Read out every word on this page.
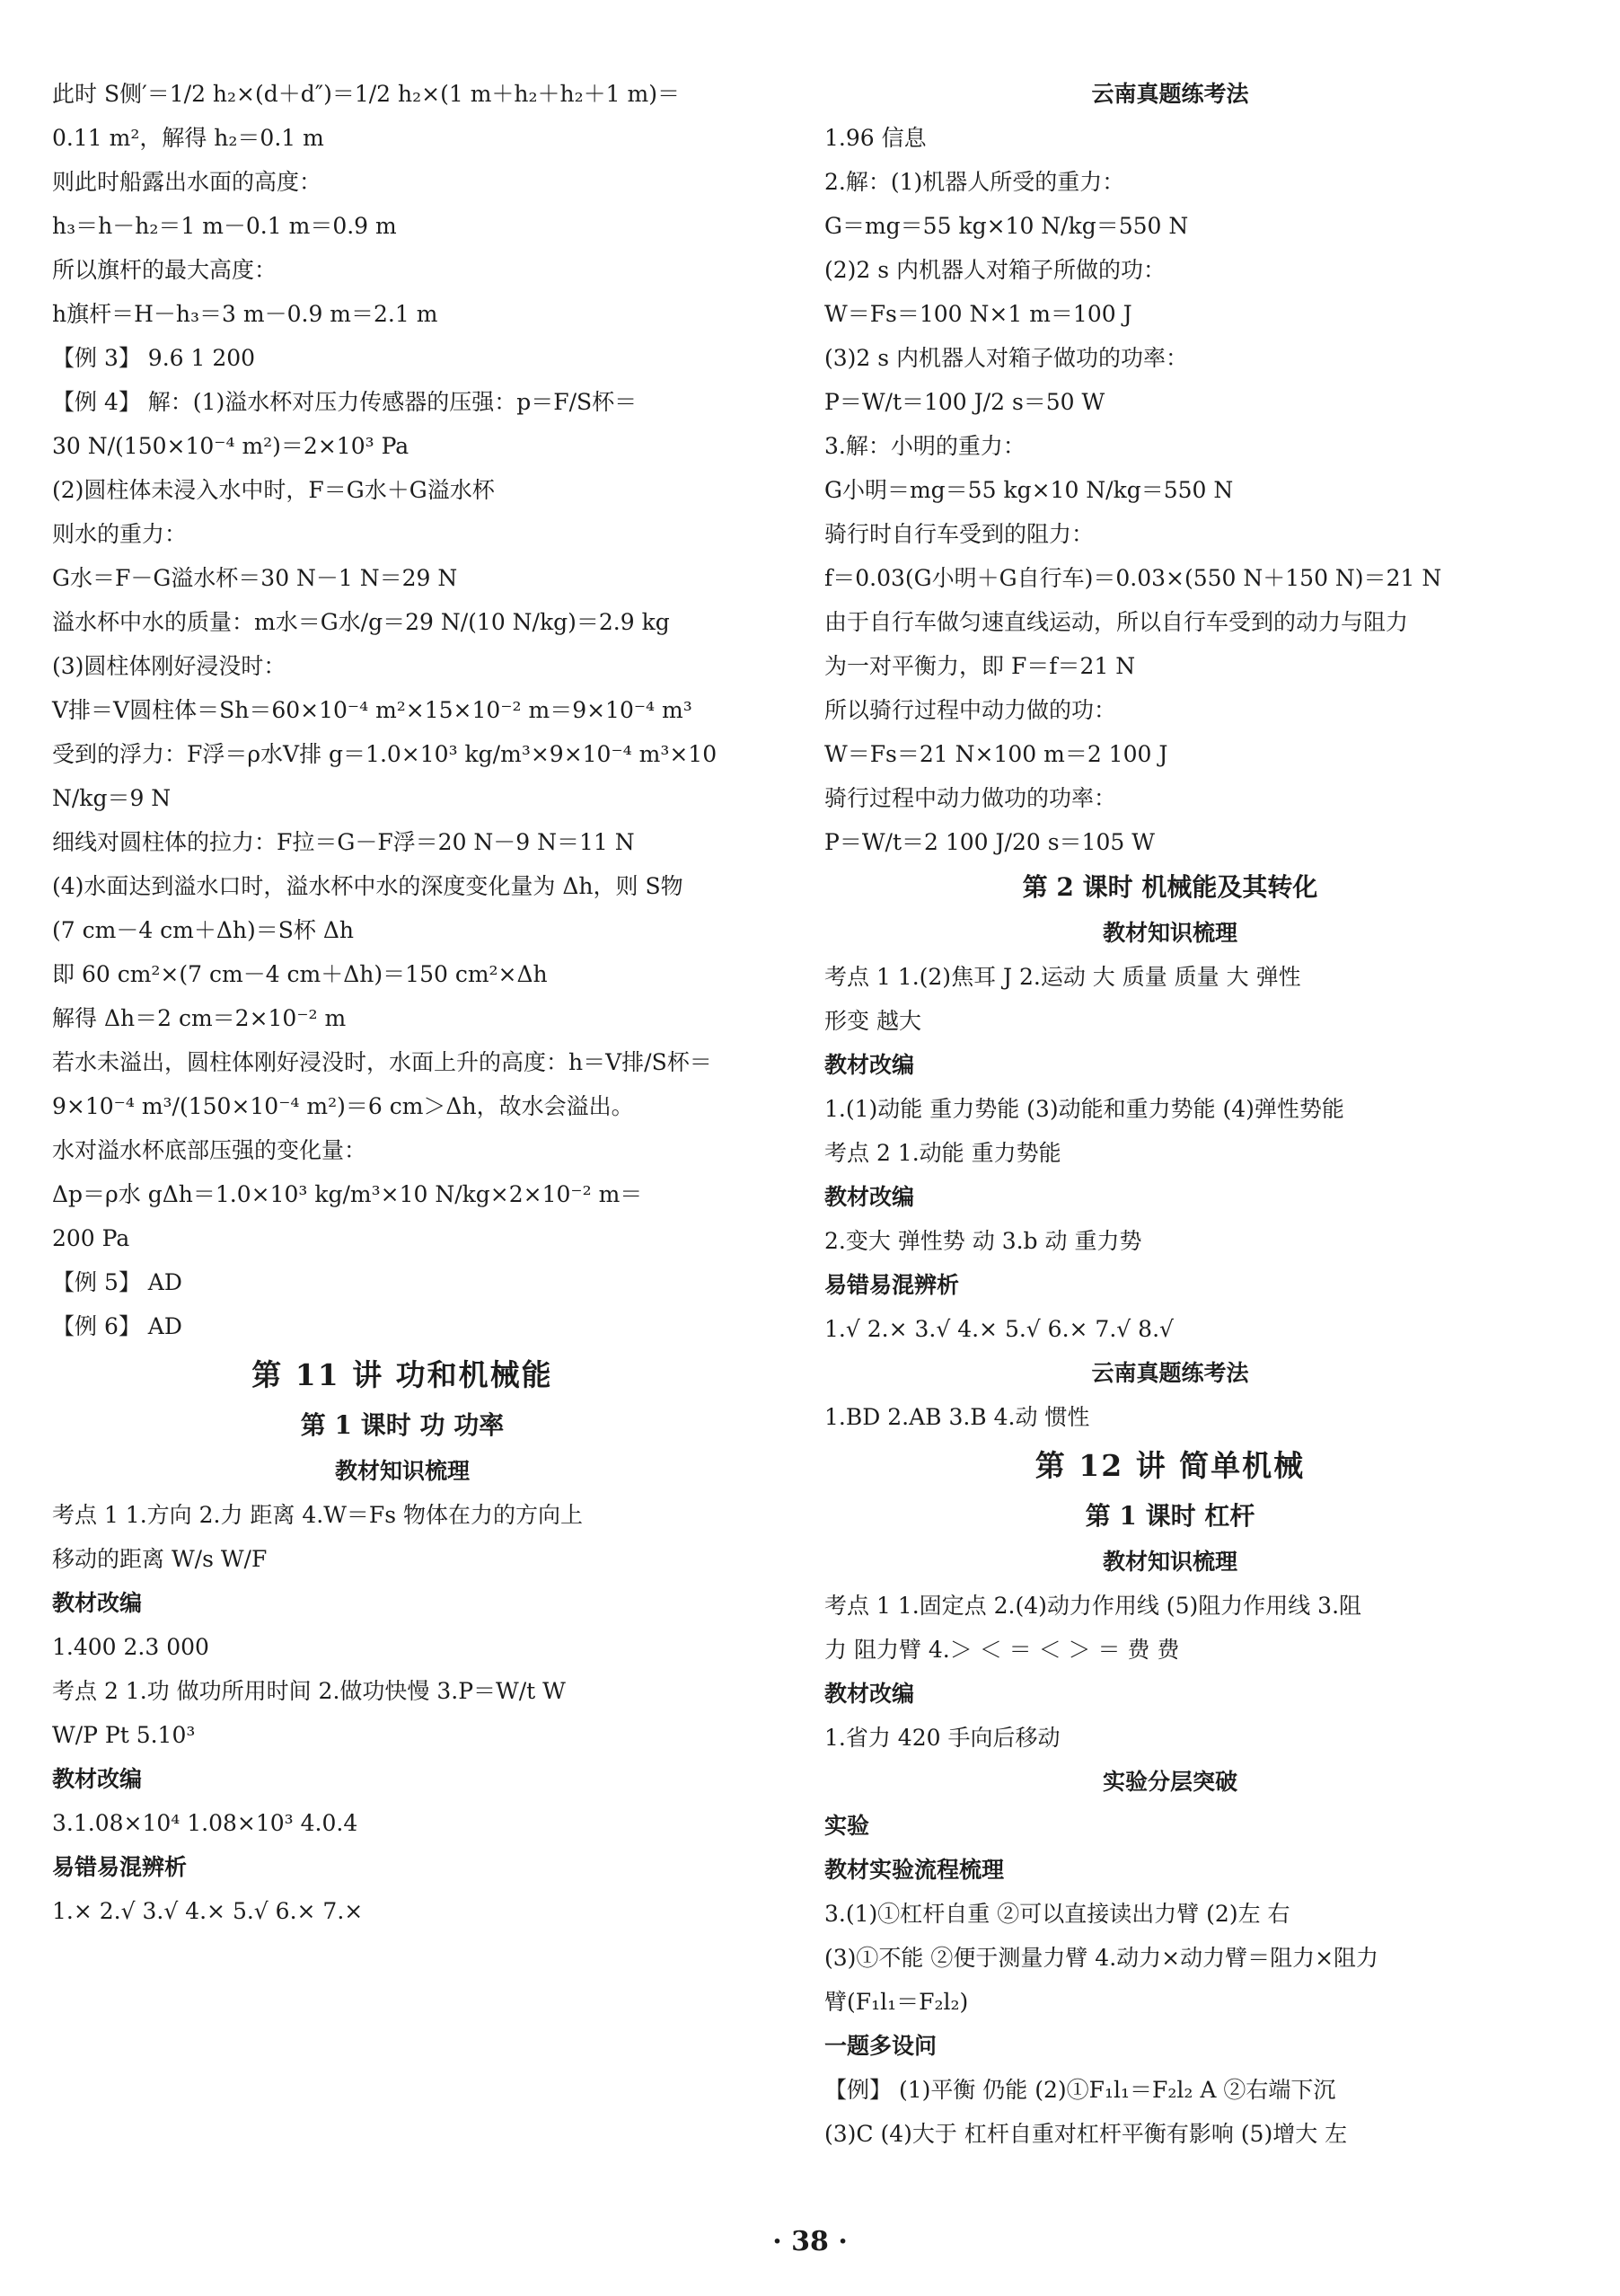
此时 S侧′＝1/2 h₂×(d＋d″)＝1/2 h₂×(1 m＋h₂＋h₂＋1 m)＝
0.11 m²，解得 h₂＝0.1 m
则此时船露出水面的高度：
h₃＝h－h₂＝1 m－0.1 m＝0.9 m
所以旗杆的最大高度：
h旗杆＝H－h₃＝3 m－0.9 m＝2.1 m
【例 3】 9.6 1 200
【例 4】 解：(1)溢水杯对压力传感器的压强：p＝F/S杯＝
30 N/(150×10⁻⁴ m²)＝2×10³ Pa
(2)圆柱体未浸入水中时，F＝G水＋G溢水杯
则水的重力：
G水＝F－G溢水杯＝30 N－1 N＝29 N
溢水杯中水的质量：m水＝G水/g＝29 N/(10 N/kg)＝2.9 kg
(3)圆柱体刚好浸没时：
V排＝V圆柱体＝Sh＝60×10⁻⁴ m²×15×10⁻² m＝9×10⁻⁴ m³
受到的浮力：F浮＝ρ水V排 g＝1.0×10³ kg/m³×9×10⁻⁴ m³×10
N/kg＝9 N
细线对圆柱体的拉力：F拉＝G－F浮＝20 N－9 N＝11 N
(4)水面达到溢水口时，溢水杯中水的深度变化量为 Δh，则 S物
(7 cm－4 cm＋Δh)＝S杯 Δh
即 60 cm²×(7 cm－4 cm＋Δh)＝150 cm²×Δh
解得 Δh＝2 cm＝2×10⁻² m
若水未溢出，圆柱体刚好浸没时，水面上升的高度：h＝V排/S杯＝
9×10⁻⁴ m³/(150×10⁻⁴ m²)＝6 cm＞Δh，故水会溢出。
水对溢水杯底部压强的变化量：
Δp＝ρ水 gΔh＝1.0×10³ kg/m³×10 N/kg×2×10⁻² m＝
200 Pa
【例 5】 AD
【例 6】 AD
第 11 讲 功和机械能
第 1 课时 功 功率
教材知识梳理
考点 1 1.方向 2.力 距离 4.W＝Fs 物体在力的方向上
移动的距离 W/s W/F
教材改编
1.400 2.3 000
考点 2 1.功 做功所用时间 2.做功快慢 3.P＝W/t W
W/P Pt 5.10³
教材改编
3.1.08×10⁴ 1.08×10³ 4.0.4
易错易混辨析
1.× 2.√ 3.√ 4.× 5.√ 6.× 7.×
云南真题练考法
1.96 信息
2.解：(1)机器人所受的重力：
G＝mg＝55 kg×10 N/kg＝550 N
(2)2 s 内机器人对箱子所做的功：
W＝Fs＝100 N×1 m＝100 J
(3)2 s 内机器人对箱子做功的功率：
P＝W/t＝100 J/2 s＝50 W
3.解：小明的重力：
G小明＝mg＝55 kg×10 N/kg＝550 N
骑行时自行车受到的阻力：
f＝0.03(G小明＋G自行车)＝0.03×(550 N＋150 N)＝21 N
由于自行车做匀速直线运动，所以自行车受到的动力与阻力
为一对平衡力，即 F＝f＝21 N
所以骑行过程中动力做的功：
W＝Fs＝21 N×100 m＝2 100 J
骑行过程中动力做功的功率：
P＝W/t＝2 100 J/20 s＝105 W
第 2 课时 机械能及其转化
教材知识梳理
考点 1 1.(2)焦耳 J 2.运动 大 质量 质量 大 弹性
形变 越大
教材改编
1.(1)动能 重力势能 (3)动能和重力势能 (4)弹性势能
考点 2 1.动能 重力势能
教材改编
2.变大 弹性势 动 3.b 动 重力势
易错易混辨析
1.√ 2.× 3.√ 4.× 5.√ 6.× 7.√ 8.√
云南真题练考法
1.BD 2.AB 3.B 4.动 惯性
第 12 讲 简单机械
第 1 课时 杠杆
教材知识梳理
考点 1 1.固定点 2.(4)动力作用线 (5)阻力作用线 3.阻
力 阻力臂 4.＞ ＜ ＝ ＜ ＞ ＝ 费 费
教材改编
1.省力 420 手向后移动
实验分层突破
实验
教材实验流程梳理
3.(1)①杠杆自重 ②可以直接读出力臂 (2)左 右
(3)①不能 ②便于测量力臂 4.动力×动力臂＝阻力×阻力
臂(F₁l₁＝F₂l₂)
一题多设问
【例】 (1)平衡 仍能 (2)①F₁l₁＝F₂l₂ A ②右端下沉
(3)C (4)大于 杠杆自重对杠杆平衡有影响 (5)增大 左
· 38 ·
